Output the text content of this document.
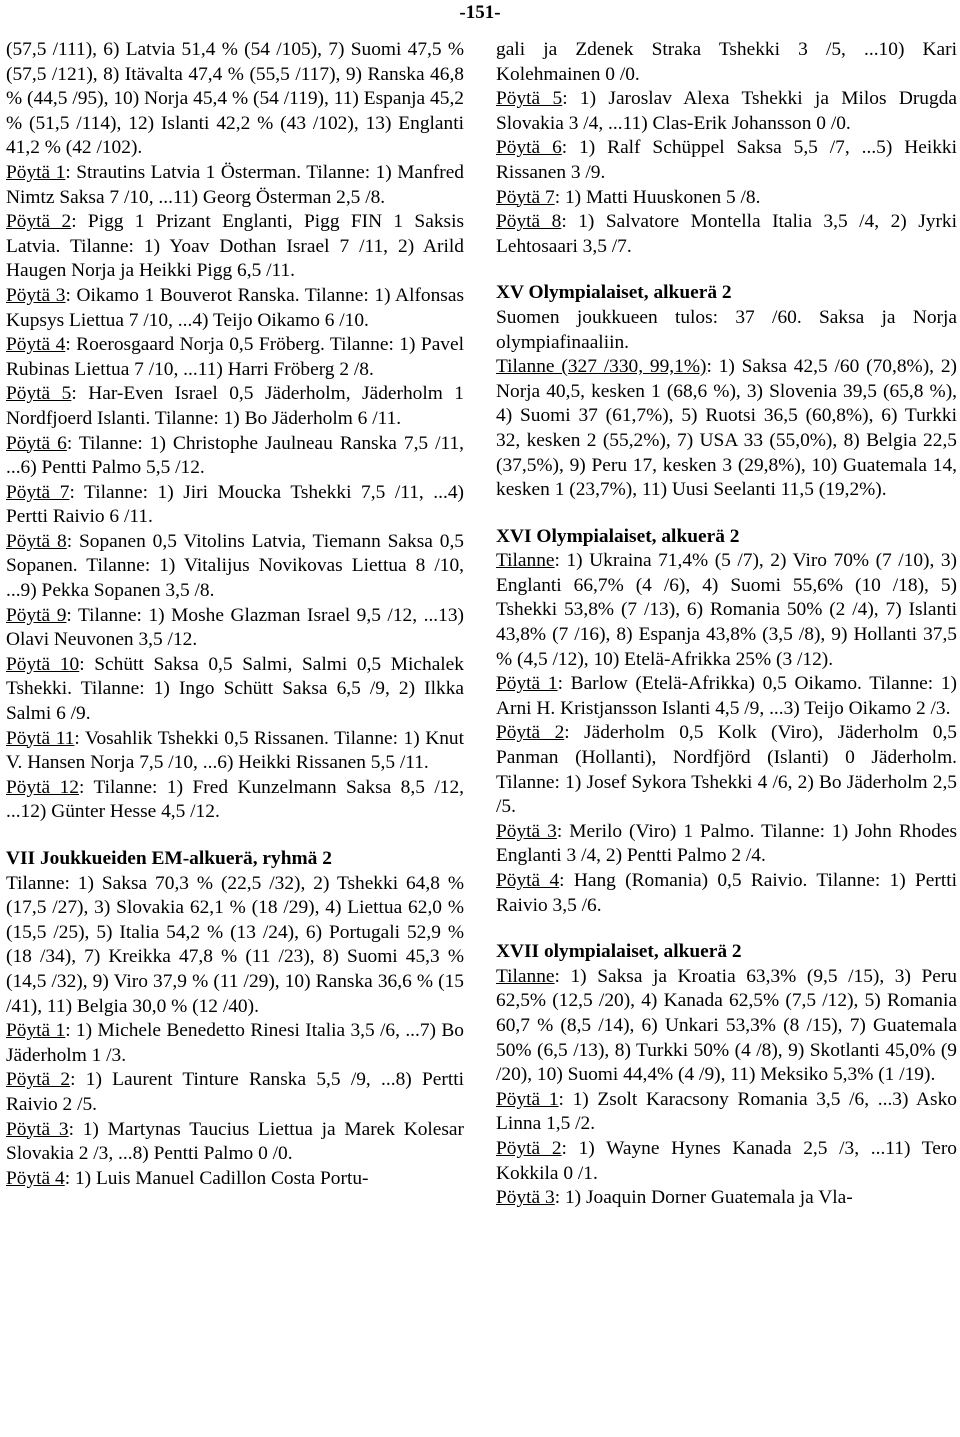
-151-

(57,5 /111), 6) Latvia 51,4 % (54 /105), 7) Suomi 47,5 % (57,5 /121), 8) Itävalta 47,4 % (55,5 /117), 9) Ranska 46,8 % (44,5 /95), 10) Norja 45,4 % (54 /119), 11) Espanja 45,2 % (51,5 /114), 12) Islanti 42,2 % (43 /102), 13) Englanti 41,2 % (42 /102).

Pöytä 1: Strautins Latvia 1 Österman. Tilanne: 1) Manfred Nimtz Saksa 7 /10, ...11) Georg Österman 2,5 /8.

Pöytä 2: Pigg 1 Prizant Englanti, Pigg FIN 1 Saksis Latvia. Tilanne: 1) Yoav Dothan Israel 7 /11, 2) Arild Haugen Norja ja Heikki Pigg 6,5 /11.

Pöytä 3: Oikamo 1 Bouverot Ranska. Tilanne: 1) Alfonsas Kupsys Liettua 7 /10, ...4) Teijo Oikamo 6 /10.

Pöytä 4: Roerosgaard Norja 0,5 Fröberg. Tilanne: 1) Pavel Rubinas Liettua 7 /10, ...11) Harri Fröberg 2 /8.

Pöytä 5: Har-Even Israel 0,5 Jäderholm, Jäderholm 1 Nordfjoerd Islanti. Tilanne: 1) Bo Jäderholm 6 /11.

Pöytä 6: Tilanne: 1) Christophe Jaulneau Ranska 7,5 /11, ...6) Pentti Palmo 5,5 /12.

Pöytä 7: Tilanne: 1) Jiri Moucka Tshekki 7,5 /11, ...4) Pertti Raivio 6 /11.

Pöytä 8: Sopanen 0,5 Vitolins Latvia, Tiemann Saksa 0,5 Sopanen. Tilanne: 1) Vitalijus Novikovas Liettua 8 /10, ...9) Pekka Sopanen 3,5 /8.

Pöytä 9: Tilanne: 1) Moshe Glazman Israel 9,5 /12, ...13) Olavi Neuvonen 3,5 /12.

Pöytä 10: Schütt Saksa 0,5 Salmi, Salmi 0,5 Michalek Tshekki. Tilanne: 1) Ingo Schütt Saksa 6,5 /9, 2) Ilkka Salmi 6 /9.

Pöytä 11: Vosahlik Tshekki 0,5 Rissanen. Tilanne: 1) Knut V. Hansen Norja 7,5 /10, ...6) Heikki Rissanen 5,5 /11.

Pöytä 12: Tilanne: 1) Fred Kunzelmann Saksa 8,5 /12, ...12) Günter Hesse 4,5 /12.

VII Joukkueiden EM-alkuerä, ryhmä 2

Tilanne: 1) Saksa 70,3 % (22,5 /32), 2) Tshekki 64,8 % (17,5 /27), 3) Slovakia 62,1 % (18 /29), 4) Liettua 62,0 % (15,5 /25), 5) Italia 54,2 % (13 /24), 6) Portugali 52,9 % (18 /34), 7) Kreikka 47,8 % (11 /23), 8) Suomi 45,3 % (14,5 /32), 9) Viro 37,9 % (11 /29), 10) Ranska 36,6 % (15 /41), 11) Belgia 30,0 % (12 /40).

Pöytä 1: 1) Michele Benedetto Rinesi Italia 3,5 /6, ...7) Bo Jäderholm 1 /3.

Pöytä 2: 1) Laurent Tinture Ranska 5,5 /9, ...8) Pertti Raivio 2 /5.

Pöytä 3: 1) Martynas Taucius Liettua ja Marek Kolesar Slovakia 2 /3, ...8) Pentti Palmo 0 /0.

Pöytä 4: 1) Luis Manuel Cadillon Costa Portu-

gali ja Zdenek Straka Tshekki 3 /5, ...10) Kari Kolehmainen 0 /0.

Pöytä 5: 1) Jaroslav Alexa Tshekki ja Milos Drugda Slovakia 3 /4, ...11) Clas-Erik Johansson 0 /0.

Pöytä 6: 1) Ralf Schüppel Saksa 5,5 /7, ...5) Heikki Rissanen 3 /9.

Pöytä 7: 1) Matti Huuskonen 5 /8.

Pöytä 8: 1) Salvatore Montella Italia 3,5 /4, 2) Jyrki Lehtosaari 3,5 /7.

XV Olympialaiset, alkuerä 2

Suomen joukkueen tulos: 37 /60. Saksa ja Norja olympiafinaaliin.

Tilanne (327 /330, 99,1%): 1) Saksa 42,5 /60 (70,8%), 2) Norja 40,5, kesken 1 (68,6 %), 3) Slovenia 39,5 (65,8 %), 4) Suomi 37 (61,7%), 5) Ruotsi 36,5 (60,8%), 6) Turkki 32, kesken 2 (55,2%), 7) USA 33 (55,0%), 8) Belgia 22,5 (37,5%), 9) Peru 17, kesken 3 (29,8%), 10) Guatemala 14, kesken 1 (23,7%), 11) Uusi Seelanti 11,5 (19,2%).

XVI Olympialaiset, alkuerä 2

Tilanne: 1) Ukraina 71,4% (5 /7), 2) Viro 70% (7 /10), 3) Englanti 66,7% (4 /6), 4) Suomi 55,6% (10 /18), 5) Tshekki 53,8% (7 /13), 6) Romania 50% (2 /4), 7) Islanti 43,8% (7 /16), 8) Espanja 43,8% (3,5 /8), 9) Hollanti 37,5 % (4,5 /12), 10) Etelä-Afrikka 25% (3 /12).

Pöytä 1: Barlow (Etelä-Afrikka) 0,5 Oikamo. Tilanne: 1) Arni H. Kristjansson Islanti 4,5 /9, ...3) Teijo Oikamo 2 /3.

Pöytä 2: Jäderholm 0,5 Kolk (Viro), Jäderholm 0,5 Panman (Hollanti), Nordfjörd (Islanti) 0 Jäderholm. Tilanne: 1) Josef Sykora Tshekki 4 /6, 2) Bo Jäderholm 2,5 /5.

Pöytä 3: Merilo (Viro) 1 Palmo. Tilanne: 1) John Rhodes Englanti 3 /4, 2) Pentti Palmo 2 /4.

Pöytä 4: Hang (Romania) 0,5 Raivio. Tilanne: 1) Pertti Raivio 3,5 /6.

XVII olympialaiset, alkuerä 2

Tilanne: 1) Saksa ja Kroatia 63,3% (9,5 /15), 3) Peru 62,5% (12,5 /20), 4) Kanada 62,5% (7,5 /12), 5) Romania 60,7 % (8,5 /14), 6) Unkari 53,3% (8 /15), 7) Guatemala 50% (6,5 /13), 8) Turkki 50% (4 /8), 9) Skotlanti 45,0% (9 /20), 10) Suomi 44,4% (4 /9), 11) Meksiko 5,3% (1 /19).

Pöytä 1: 1) Zsolt Karacsony Romania 3,5 /6, ...3) Asko Linna 1,5 /2.

Pöytä 2: 1) Wayne Hynes Kanada 2,5 /3, ...11) Tero Kokkila 0 /1.

Pöytä 3: 1) Joaquin Dorner Guatemala ja Vla-
